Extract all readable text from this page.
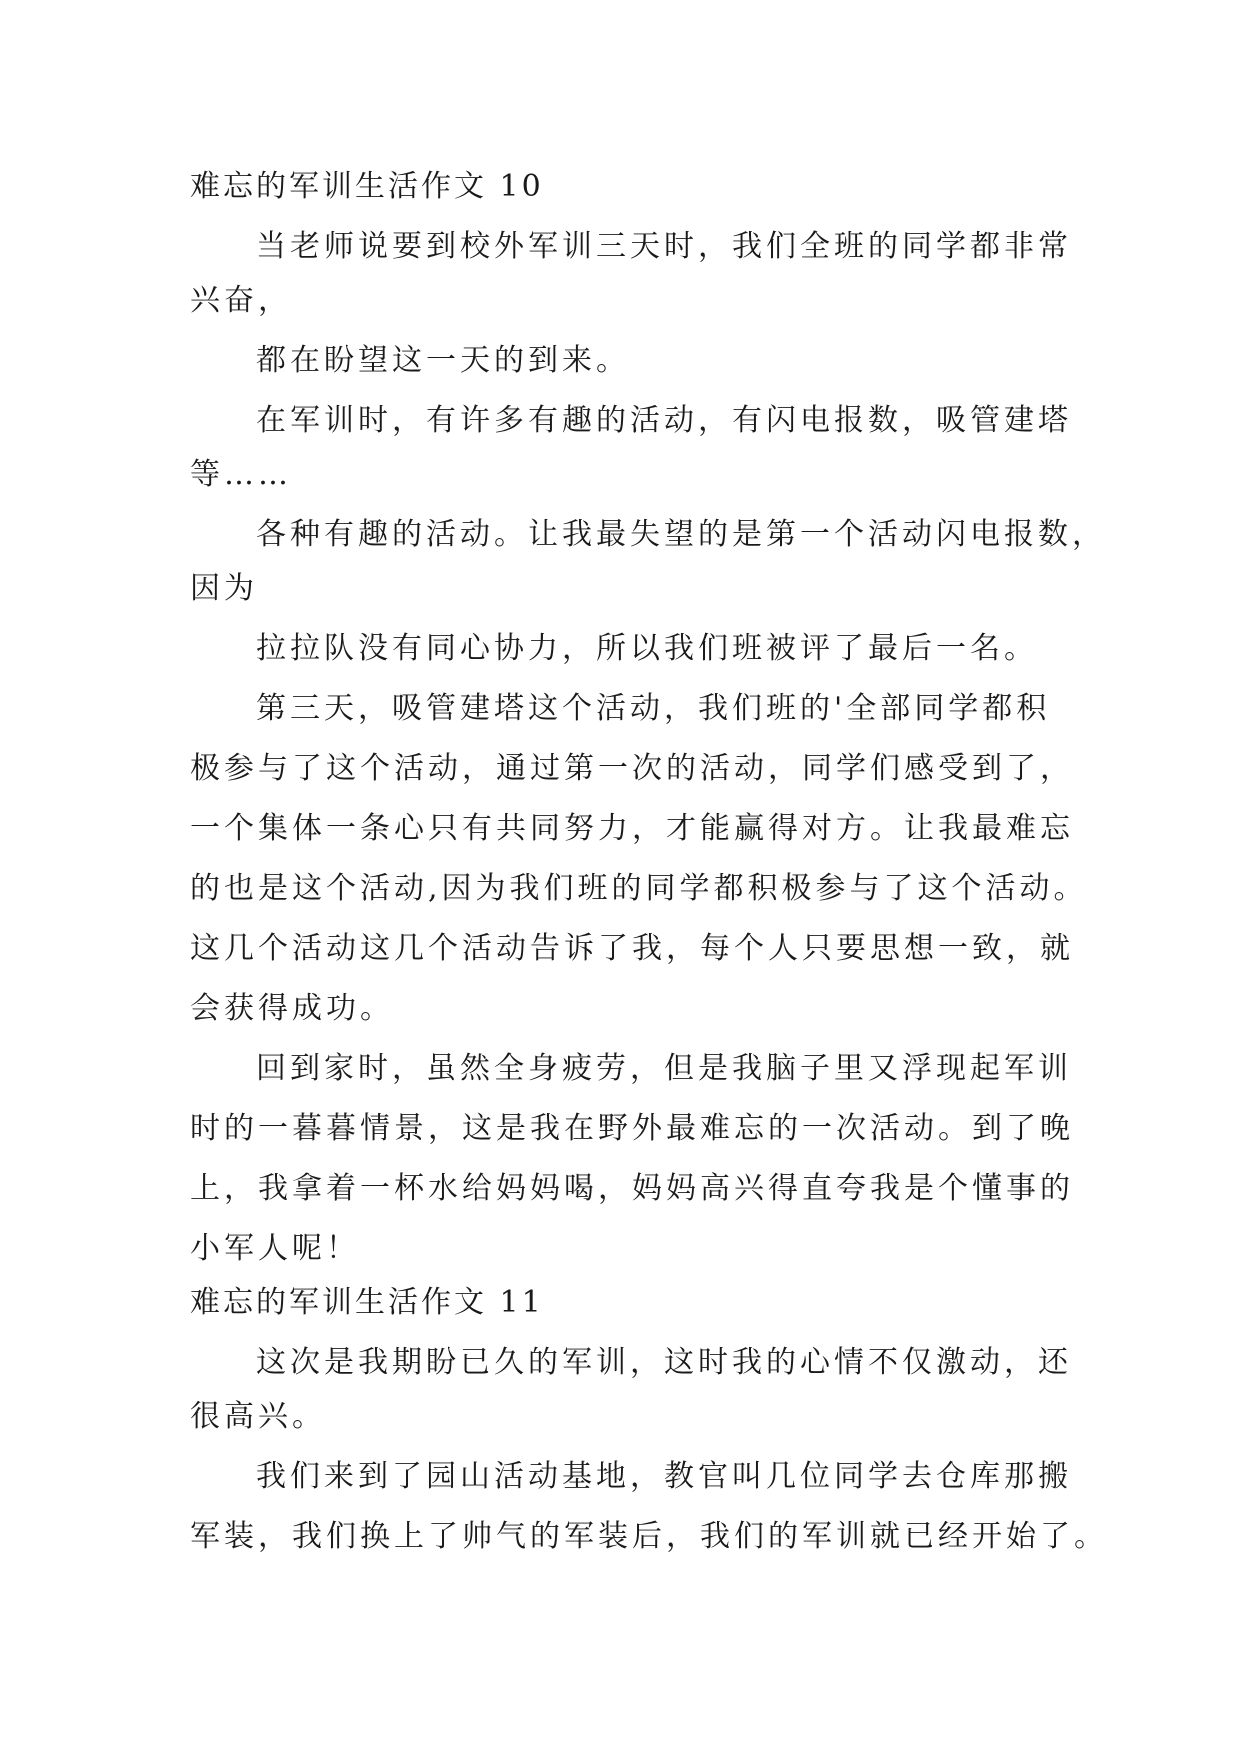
难忘的军训生活作文 10
当老师说要到校外军训三天时，我们全班的同学都非常
兴奋，
都在盼望这一天的到来。
在军训时，有许多有趣的活动，有闪电报数，吸管建塔
等……
各种有趣的活动。让我最失望的是第一个活动闪电报数，
因为
拉拉队没有同心协力，所以我们班被评了最后一名。
第三天，吸管建塔这个活动，我们班的'全部同学都积
极参与了这个活动，通过第一次的活动，同学们感受到了，
一个集体一条心只有共同努力，才能赢得对方。让我最难忘
的也是这个活动,因为我们班的同学都积极参与了这个活动。
这几个活动这几个活动告诉了我，每个人只要思想一致，就
会获得成功。
回到家时，虽然全身疲劳，但是我脑子里又浮现起军训
时的一暮暮情景，这是我在野外最难忘的一次活动。到了晚
上，我拿着一杯水给妈妈喝，妈妈高兴得直夸我是个懂事的
小军人呢！
难忘的军训生活作文 11
这次是我期盼已久的军训，这时我的心情不仅激动，还
很高兴。
我们来到了园山活动基地，教官叫几位同学去仓库那搬
军装，我们换上了帅气的军装后，我们的军训就已经开始了。
